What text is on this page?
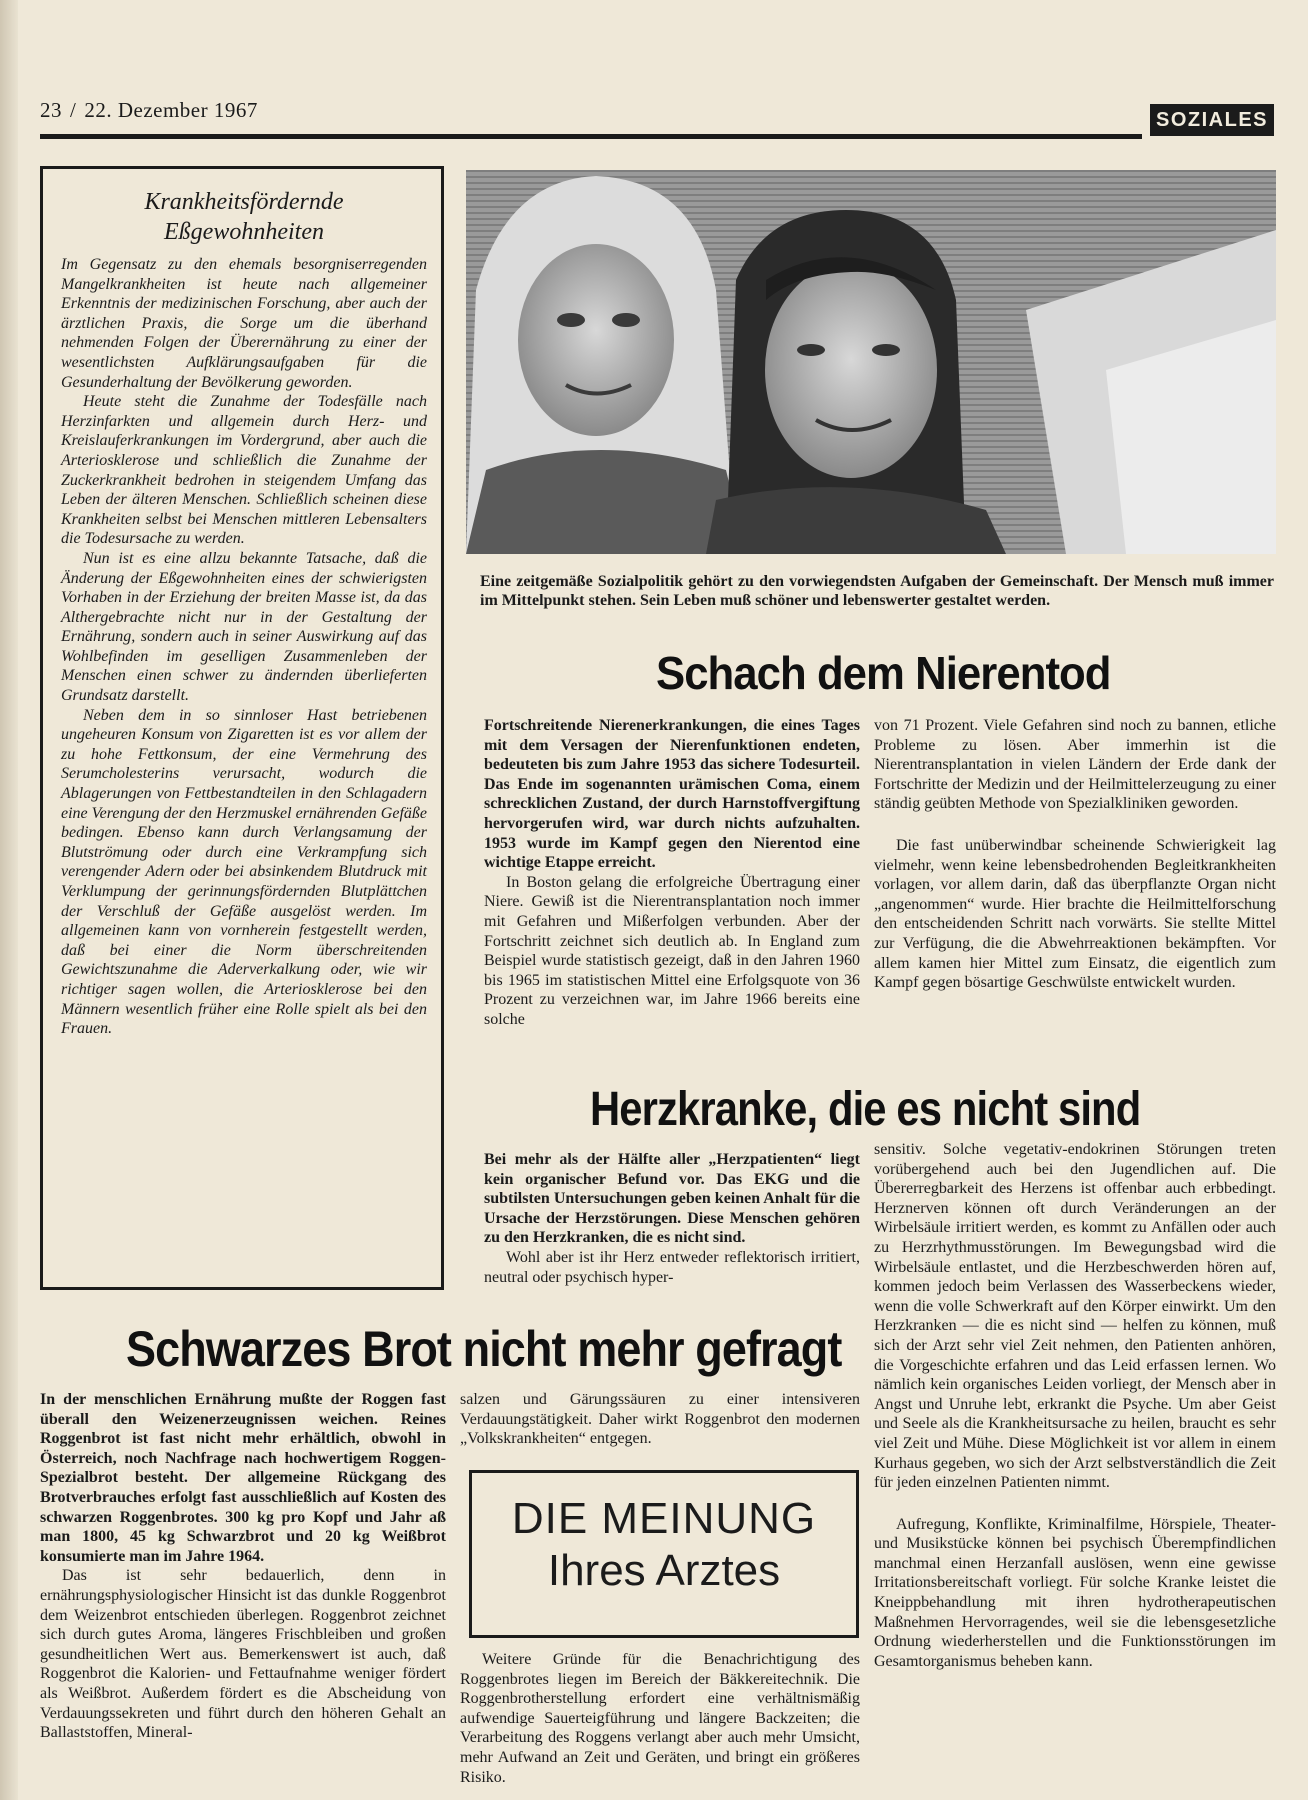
23 / 22. Dezember 1967	SOZIALES
Krankheitsfördernde
Eßgewohnheiten

Im Gegensatz zu den ehemals besorgniserregenden Mangelkrankheiten ist heute nach allgemeiner Erkenntnis der medizinischen Forschung, aber auch der ärztlichen Praxis, die Sorge um die überhand nehmenden Folgen der Überernährung zu einer der wesentlichsten Aufklärungsaufgaben für die Gesunderhaltung der Bevölkerung geworden.

Heute steht die Zunahme der Todesfälle nach Herzinfarkten und allgemein durch Herz- und Kreislauferkrankungen im Vordergrund, aber auch die Arteriosklerose und schließlich die Zunahme der Zuckerkrankheit bedrohen in steigendem Umfang das Leben der älteren Menschen. Schließlich scheinen diese Krankheiten selbst bei Menschen mittleren Lebensalters die Todesursache zu werden.

Nun ist es eine allzu bekannte Tatsache, daß die Änderung der Eßgewohnheiten eines der schwierigsten Vorhaben in der Erziehung der breiten Masse ist, da das Althergebrachte nicht nur in der Gestaltung der Ernährung, sondern auch in seiner Auswirkung auf das Wohlbefinden im geselligen Zusammenleben der Menschen einen schwer zu ändernden überlieferten Grundsatz darstellt.

Neben dem in so sinnloser Hast betriebenen ungeheuren Konsum von Zigaretten ist es vor allem der zu hohe Fettkonsum, der eine Vermehrung des Serumcholesterins verursacht, wodurch die Ablagerungen von Fettbestandteilen in den Schlagadern eine Verengung der den Herzmuskel ernährenden Gefäße bedingen. Ebenso kann durch Verlangsamung der Blutströmung oder durch eine Verkrampfung sich verengender Adern oder bei absinkendem Blutdruck mit Verklumpung der gerinnungsfördernden Blutplättchen der Verschluß der Gefäße ausgelöst werden. Im allgemeinen kann von vornherein festgestellt werden, daß bei einer die Norm überschreitenden Gewichtszunahme die Aderverkalkung oder, wie wir richtiger sagen wollen, die Arteriosklerose bei den Männern wesentlich früher eine Rolle spielt als bei den Frauen.

Eine zeitgemäße Sozialpolitik gehört zu den vorwiegendsten Aufgaben der Gemeinschaft. Der Mensch muß immer im Mittelpunkt stehen. Sein Leben muß schöner und lebenswerter gestaltet werden.
Schach dem Nierentod

Fortschreitende Nierenerkrankungen, die eines Tages mit dem Versagen der Nierenfunktionen endeten, bedeuteten bis zum Jahre 1953 das sichere Todesurteil. Das Ende im sogenannten urämischen Coma, einem schrecklichen Zustand, der durch Harnstoffvergiftung hervorgerufen wird, war durch nichts aufzuhalten. 1953 wurde im Kampf gegen den Nierentod eine wichtige Etappe erreicht.

In Boston gelang die erfolgreiche Übertragung einer Niere. Gewiß ist die Nierentransplantation noch immer mit Gefahren und Mißerfolgen verbunden. Aber der Fortschritt zeichnet sich deutlich ab. In England zum Beispiel wurde statistisch gezeigt, daß in den Jahren 1960 bis 1965 im statistischen Mittel eine Erfolgsquote von 36 Prozent zu verzeichnen war, im Jahre 1966 bereits eine solche

von 71 Prozent. Viele Gefahren sind noch zu bannen, etliche Probleme zu lösen. Aber immerhin ist die Nierentransplantation in vielen Ländern der Erde dank der Fortschritte der Medizin und der Heilmittelerzeugung zu einer ständig geübten Methode von Spezialkliniken geworden.

Die fast unüberwindbar scheinende Schwierigkeit lag vielmehr, wenn keine lebensbedrohenden Begleitkrankheiten vorlagen, vor allem darin, daß das überpflanzte Organ nicht „angenommen“ wurde. Hier brachte die Heilmittelforschung den entscheidenden Schritt nach vorwärts. Sie stellte Mittel zur Verfügung, die die Abwehrreaktionen bekämpften. Vor allem kamen hier Mittel zum Einsatz, die eigentlich zum Kampf gegen bösartige Geschwülste entwickelt wurden.

Herzkranke, die es nicht sind

Bei mehr als der Hälfte aller „Herzpatienten“ liegt kein organischer Befund vor. Das EKG und die subtilsten Untersuchungen geben keinen Anhalt für die Ursache der Herzstörungen. Diese Menschen gehören zu den Herzkranken, die es nicht sind.

Wohl aber ist ihr Herz entweder reflektorisch irritiert, neutral oder psychisch hyper-

sensitiv. Solche vegetativ-endokrinen Störungen treten vorübergehend auch bei den Jugendlichen auf. Die Übererregbarkeit des Herzens ist offenbar auch erbbedingt. Herznerven können oft durch Veränderungen an der Wirbelsäule irritiert werden, es kommt zu Anfällen oder auch zu Herzrhythmusstörungen. Im Bewegungsbad wird die Wirbelsäule entlastet, und die Herzbeschwerden hören auf, kommen jedoch beim Verlassen des Wasserbeckens wieder, wenn die volle Schwerkraft auf den Körper einwirkt. Um den Herzkranken — die es nicht sind — helfen zu können, muß sich der Arzt sehr viel Zeit nehmen, den Patienten anhören, die Vorgeschichte erfahren und das Leid erfassen lernen. Wo nämlich kein organisches Leiden vorliegt, der Mensch aber in Angst und Unruhe lebt, erkrankt die Psyche. Um aber Geist und Seele als die Krankheitsursache zu heilen, braucht es sehr viel Zeit und Mühe. Diese Möglichkeit ist vor allem in einem Kurhaus gegeben, wo sich der Arzt selbstverständlich die Zeit für jeden einzelnen Patienten nimmt.

Aufregung, Konflikte, Kriminalfilme, Hörspiele, Theater- und Musikstücke können bei psychisch Überempfindlichen manchmal einen Herzanfall auslösen, wenn eine gewisse Irritationsbereitschaft vorliegt. Für solche Kranke leistet die Kneippbehandlung mit ihren hydrotherapeutischen Maßnehmen Hervorragendes, weil sie die lebensgesetzliche Ordnung wiederherstellen und die Funktionsstörungen im Gesamtorganismus beheben kann.

Schwarzes Brot nicht mehr gefragt

In der menschlichen Ernährung mußte der Roggen fast überall den Weizenerzeugnissen weichen. Reines Roggenbrot ist fast nicht mehr erhältlich, obwohl in Österreich, noch Nachfrage nach hochwertigem Roggen-Spezialbrot besteht. Der allgemeine Rückgang des Brotverbrauches erfolgt fast ausschließlich auf Kosten des schwarzen Roggenbrotes. 300 kg pro Kopf und Jahr aß man 1800, 45 kg Schwarzbrot und 20 kg Weißbrot konsumierte man im Jahre 1964.

Das ist sehr bedauerlich, denn in ernährungsphysiologischer Hinsicht ist das dunkle Roggenbrot dem Weizenbrot entschieden überlegen. Roggenbrot zeichnet sich durch gutes Aroma, längeres Frischbleiben und großen gesundheitlichen Wert aus. Bemerkenswert ist auch, daß Roggenbrot die Kalorien- und Fettaufnahme weniger fördert als Weißbrot. Außerdem fördert es die Abscheidung von Verdauungssekreten und führt durch den höheren Gehalt an Ballaststoffen, Mineral-

salzen und Gärungssäuren zu einer intensiveren Verdauungstätigkeit. Daher wirkt Roggenbrot den modernen „Volkskrankheiten“ entgegen.

DIE MEINUNG
Ihres Arztes

Weitere Gründe für die Benachrichtigung des Roggenbrotes liegen im Bereich der Bäkkereitechnik. Die Roggenbrotherstellung erfordert eine verhältnismäßig aufwendige Sauerteigführung und längere Backzeiten; die Verarbeitung des Roggens verlangt aber auch mehr Umsicht, mehr Aufwand an Zeit und Geräten, und bringt ein größeres Risiko.
